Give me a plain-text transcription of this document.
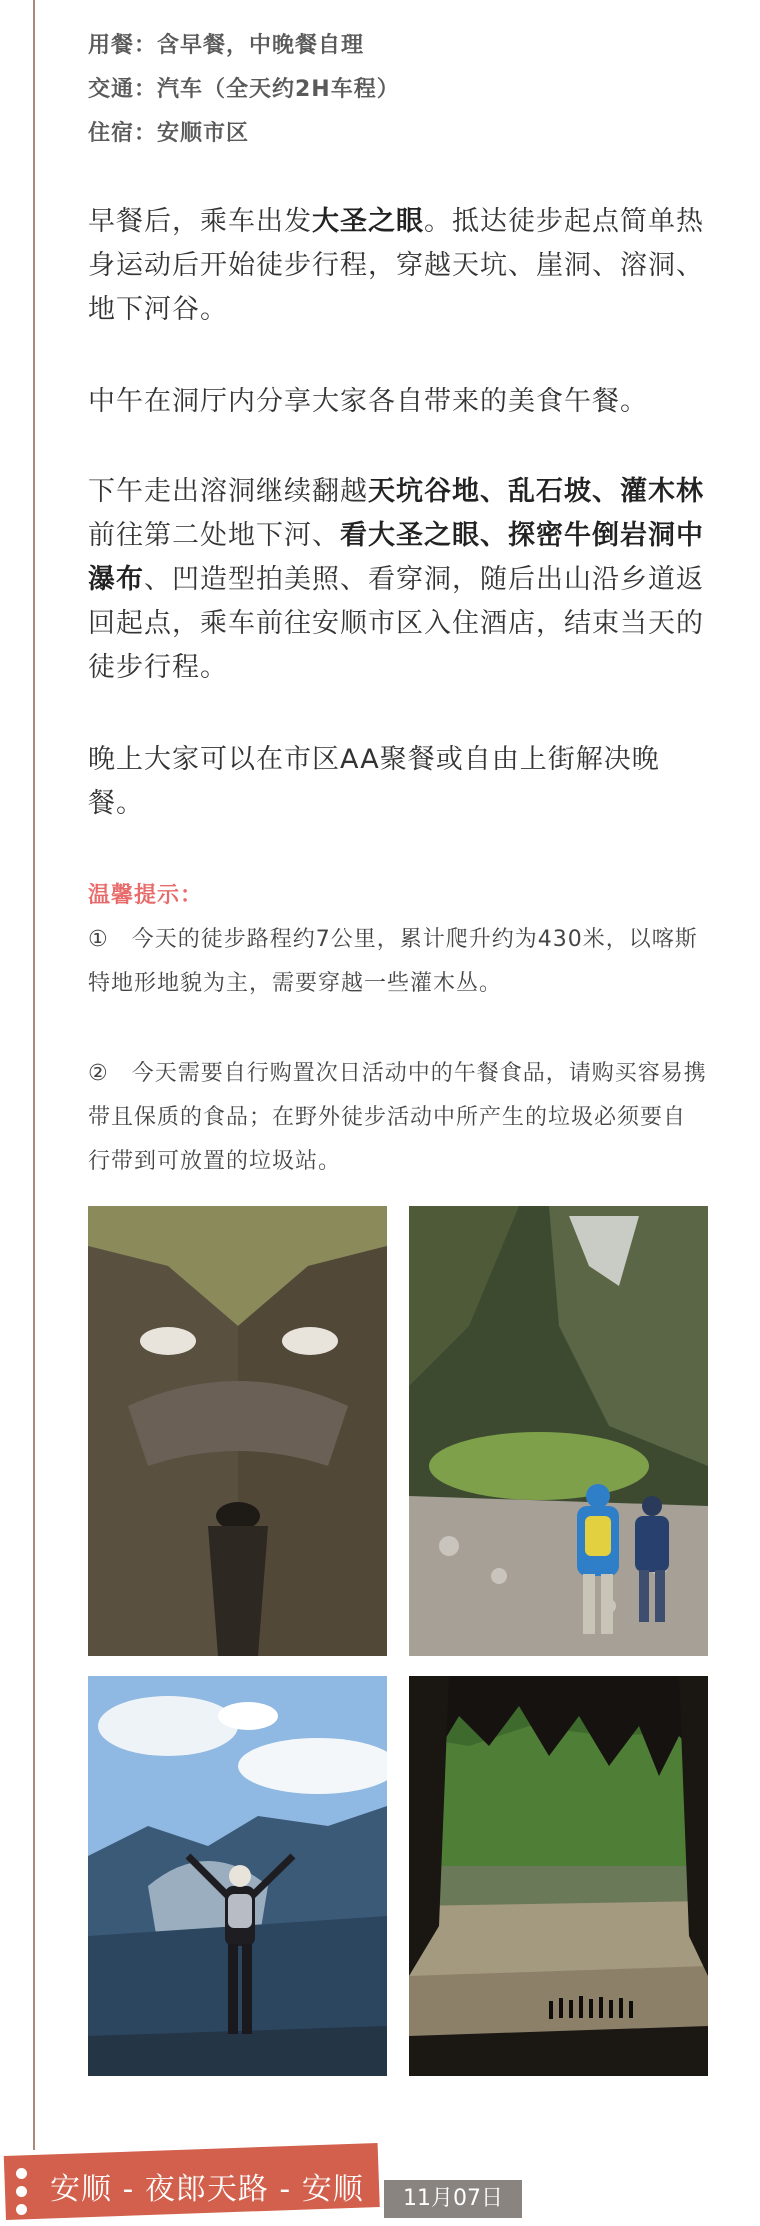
用餐：含早餐，中晚餐自理
交通：汽车（全天约2H车程）
住宿：安顺市区
早餐后，乘车出发大圣之眼。抵达徒步起点简单热身运动后开始徒步行程，穿越天坑、崖洞、溶洞、地下河谷。
中午在洞厅内分享大家各自带来的美食午餐。
下午走出溶洞继续翻越天坑谷地、乱石坡、灌木林前往第二处地下河、看大圣之眼、探密牛倒岩洞中瀑布、凹造型拍美照、看穿洞，随后出山沿乡道返回起点，乘车前往安顺市区入住酒店，结束当天的徒步行程。
晚上大家可以在市区AA聚餐或自由上街解决晚餐。
温馨提示：
①　今天的徒步路程约7公里，累计爬升约为430米，以喀斯特地形地貌为主，需要穿越一些灌木丛。
②　今天需要自行购置次日活动中的午餐食品，请购买容易携带且保质的食品；在野外徒步活动中所产生的垃圾必须要自行带到可放置的垃圾站。
安顺 - 夜郎天路 - 安顺	11月07日
